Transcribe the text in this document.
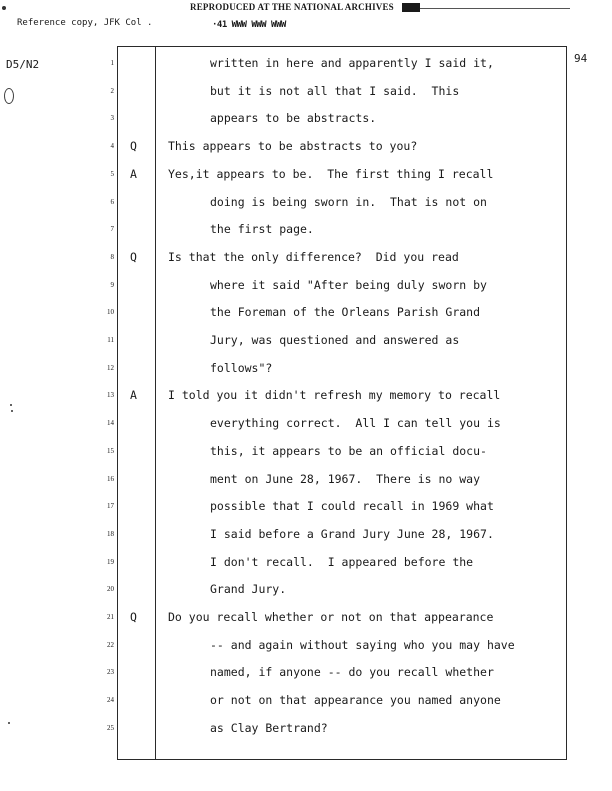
REPRODUCED AT THE NATIONAL ARCHIVES
Reference copy, JFK Col .	·41 WWW WWW WWW
D5/N2	94
1	written in here and apparently I said it,
2	but it is not all that I said.  This
3	appears to be abstracts.
4 Q	This appears to be abstracts to you?
5 A	Yes,it appears to be.  The first thing I recall
6	doing is being sworn in.  That is not on
7	the first page.
8 Q	Is that the only difference?  Did you read
9	where it said "After being duly sworn by
10	the Foreman of the Orleans Parish Grand
11	Jury, was questioned and answered as
12	follows"?
13 A	I told you it didn't refresh my memory to recall
14	everything correct.  All I can tell you is
15	this, it appears to be an official docu-
16	ment on June 28, 1967.  There is no way
17	possible that I could recall in 1969 what
18	I said before a Grand Jury June 28, 1967.
19	I don't recall.  I appeared before the
20	Grand Jury.
21 Q	Do you recall whether or not on that appearance
22	-- and again without saying who you may have
23	named, if anyone -- do you recall whether
24	or not on that appearance you named anyone
25	as Clay Bertrand?
